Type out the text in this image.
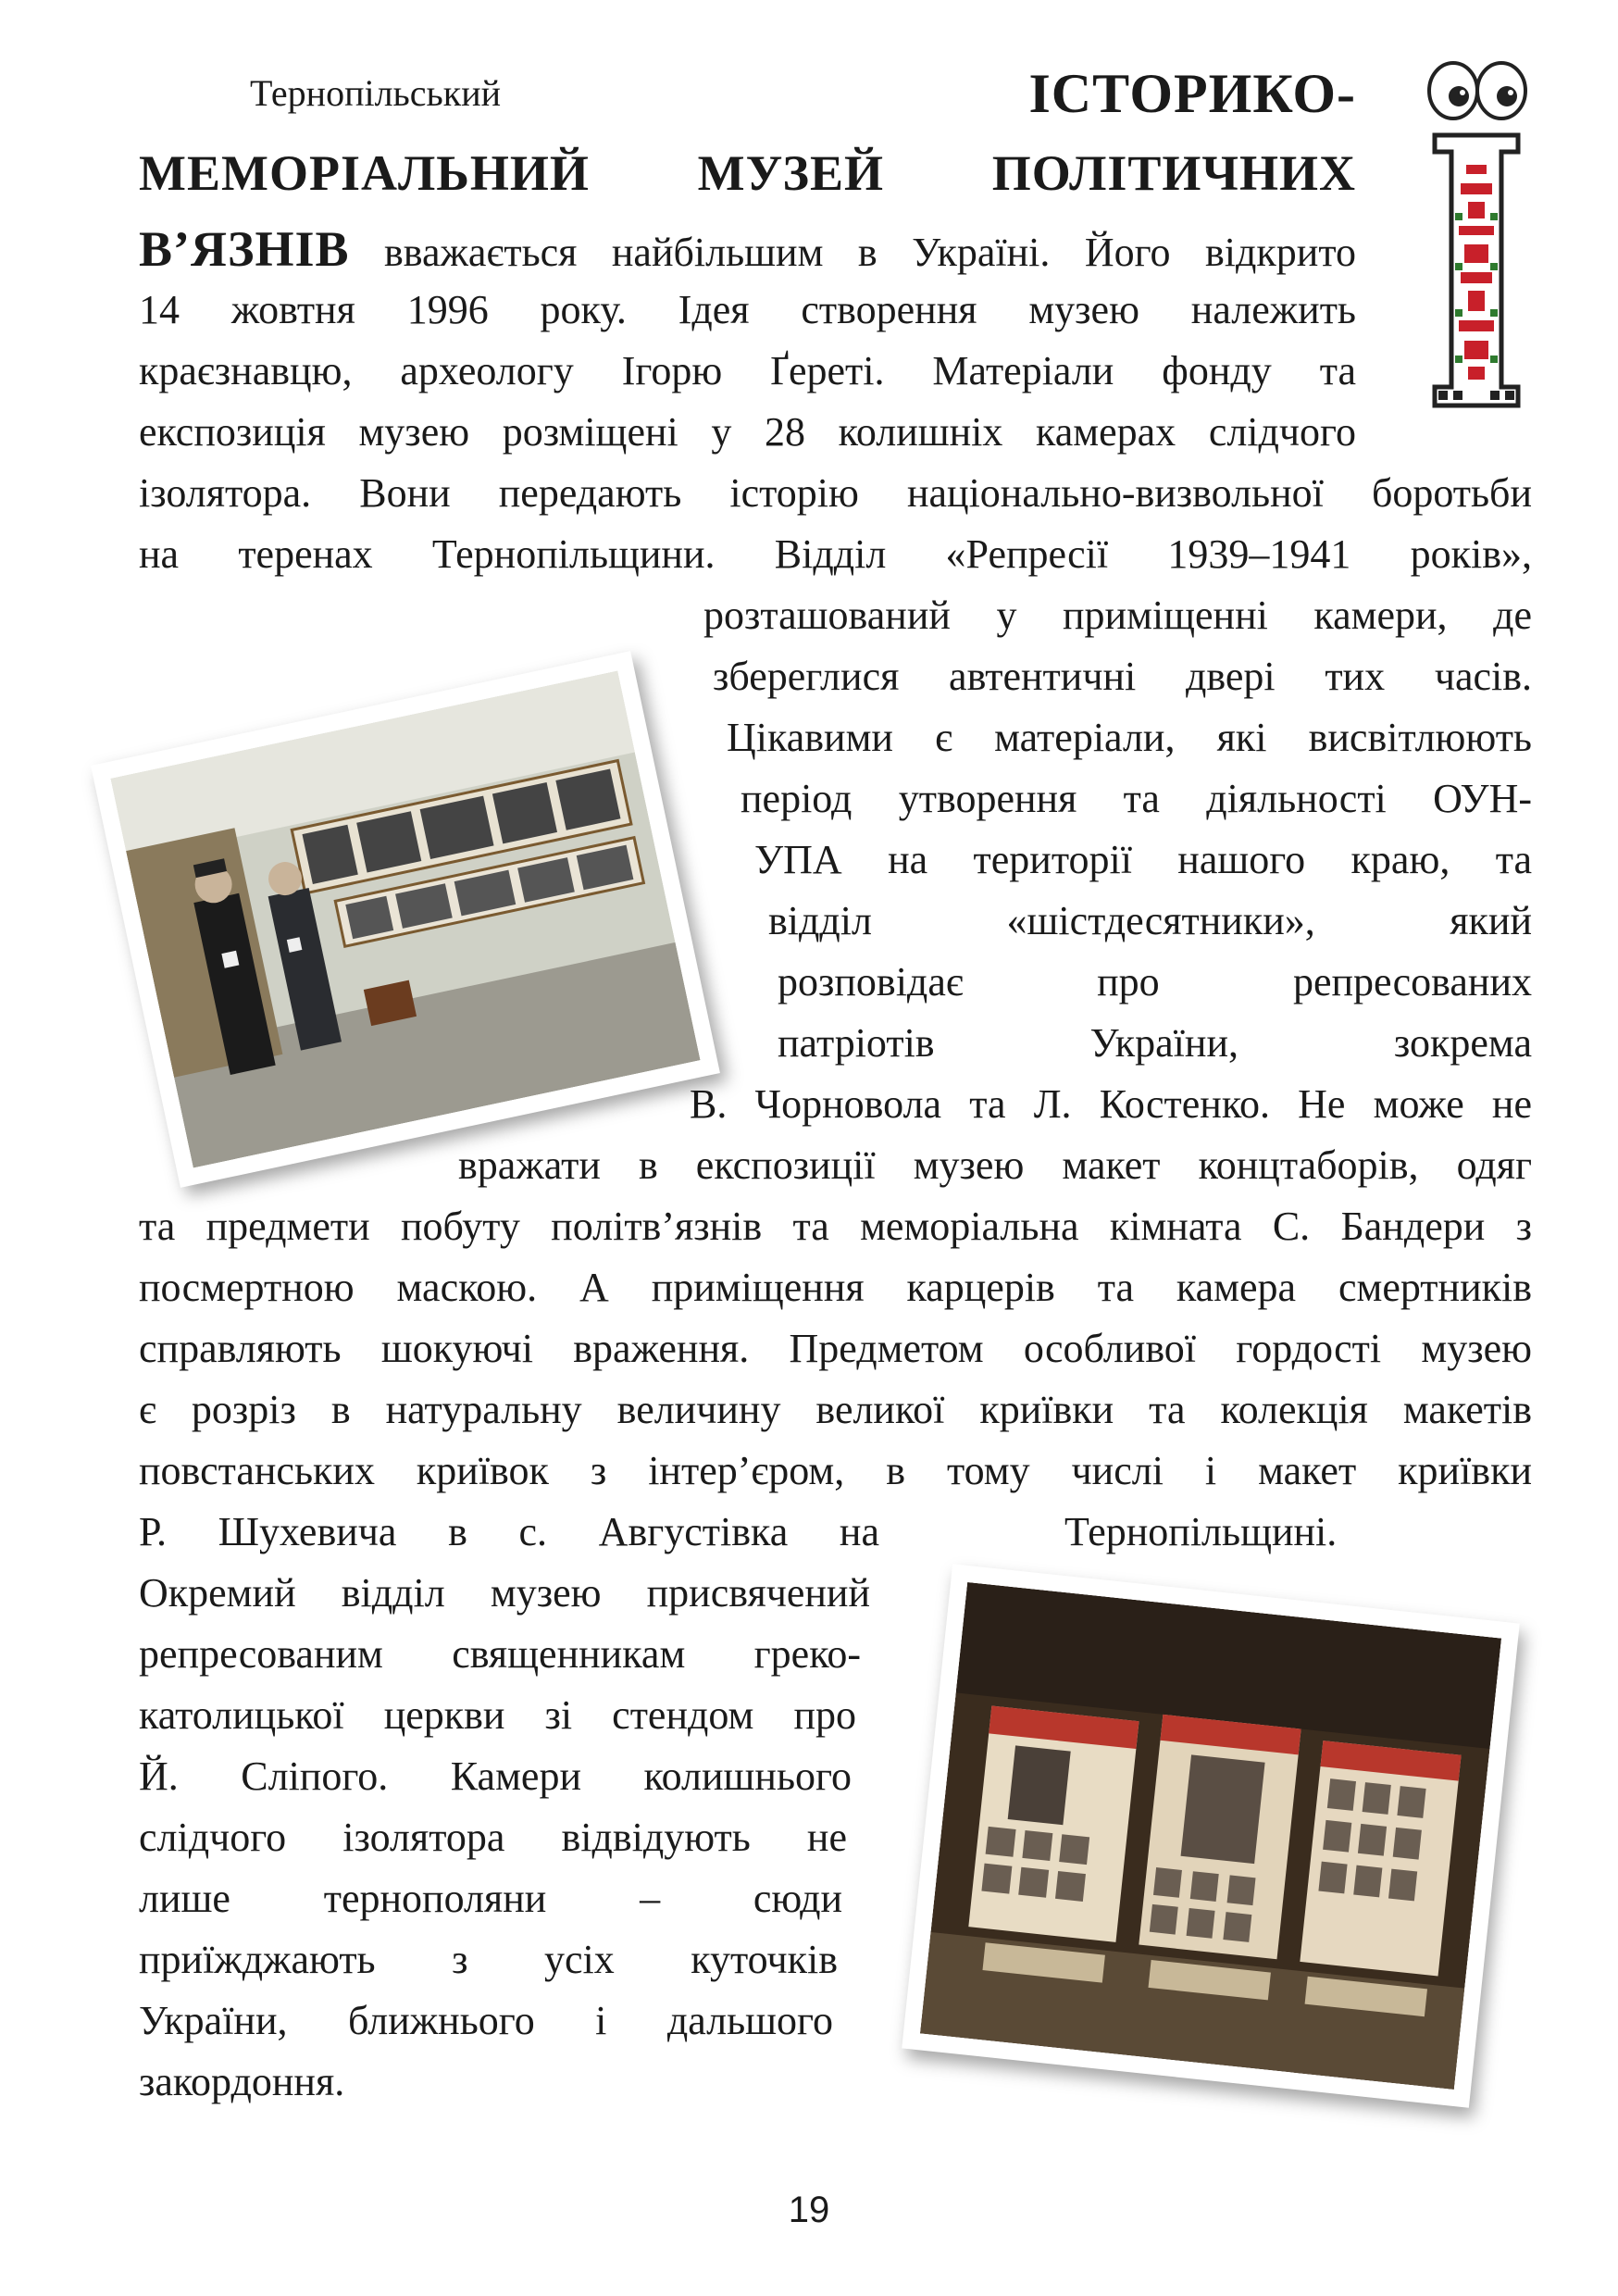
Тернопільський	ІСТОРИКО-
МЕМОРІАЛЬНИЙ МУЗЕЙ ПОЛІТИЧНИХ
В’ЯЗНІВ вважається найбільшим в Україні. Його відкрито
14 жовтня 1996 року. Ідея створення музею належить
краєзнавцю, археологу Ігорю Ґереті. Матеріали фонду та
експозиція музею розміщені у 28 колишніх камерах слідчого
ізолятора. Вони передають історію національно-визвольної боротьби
на теренах Тернопільщини. Відділ «Репресії 1939–1941 років»,
розташований у приміщенні камери, де
збереглися автентичні двері тих часів.
Цікавими є матеріали, які висвітлюють
період утворення та діяльності ОУН-
УПА на території нашого краю, та
відділ «шістдесятники», який
розповідає про репресованих
патріотів України, зокрема
В. Чорновола та Л. Костенко. Не може не
вражати в експозиції музею макет концтаборів, одяг
та предмети побуту політв’язнів та меморіальна кімната С. Бандери з
посмертною маскою. А приміщення карцерів та камера смертників
справляють шокуючі враження. Предметом особливої гордості музею
є розріз в натуральну величину великої криївки та колекція макетів
повстанських криївок з інтер’єром, в тому числі і макет криївки
Р. Шухевича в с. Августівка на	Тернопільщині.
Окремий відділ музею присвячений
репресованим священникам греко-
католицької церкви зі стендом про
Й. Сліпого. Камери колишнього
слідчого ізолятора відвідують не
лише тернополяни – сюди
приїжджають з усіх куточків
України, ближнього і дальшого
закордоння.
19
